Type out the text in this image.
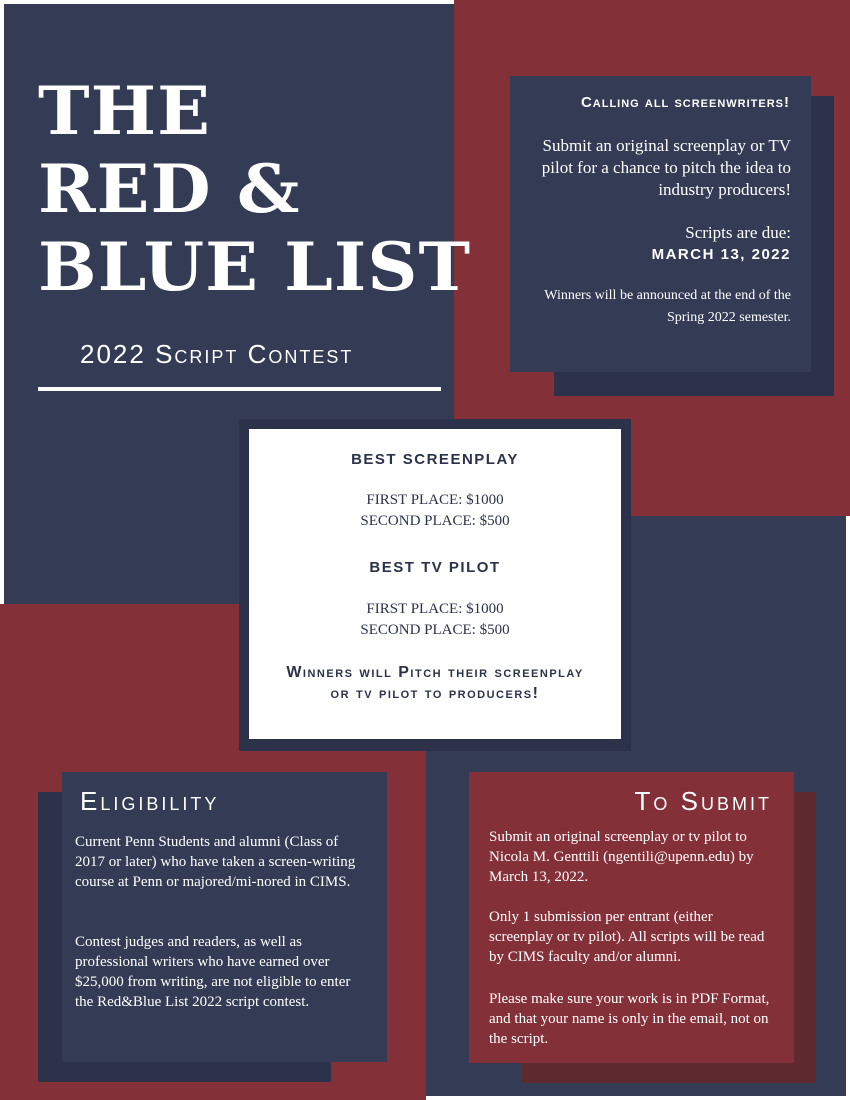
THE
RED &
BLUE LIST

2022 Script Contest

Calling all screenwriters!
Submit an original screenplay or TV pilot for a chance to pitch the idea to industry producers!
Scripts are due:
MARCH 13, 2022
Winners will be announced at the end of the Spring 2022 semester.
BEST SCREENPLAY
FIRST PLACE: $1000
SECOND PLACE: $500
BEST TV PILOT
FIRST PLACE: $1000
SECOND PLACE: $500
Winners will Pitch their screenplay or tv pilot to producers!
Eligibility
Current Penn Students and alumni (Class of 2017 or later) who have taken a screen-writing course at Penn or majored/mi-nored in CIMS.
Contest judges and readers, as well as professional writers who have earned over $25,000 from writing, are not eligible to enter the Red&Blue List 2022 script contest.
To Submit
Submit an original screenplay or tv pilot to Nicola M. Genttili (ngentili@upenn.edu) by March 13, 2022.
Only 1 submission per entrant (either screenplay or tv pilot). All scripts will be read by CIMS faculty and/or alumni.
Please make sure your work is in PDF Format, and that your name is only in the email, not on the script.
